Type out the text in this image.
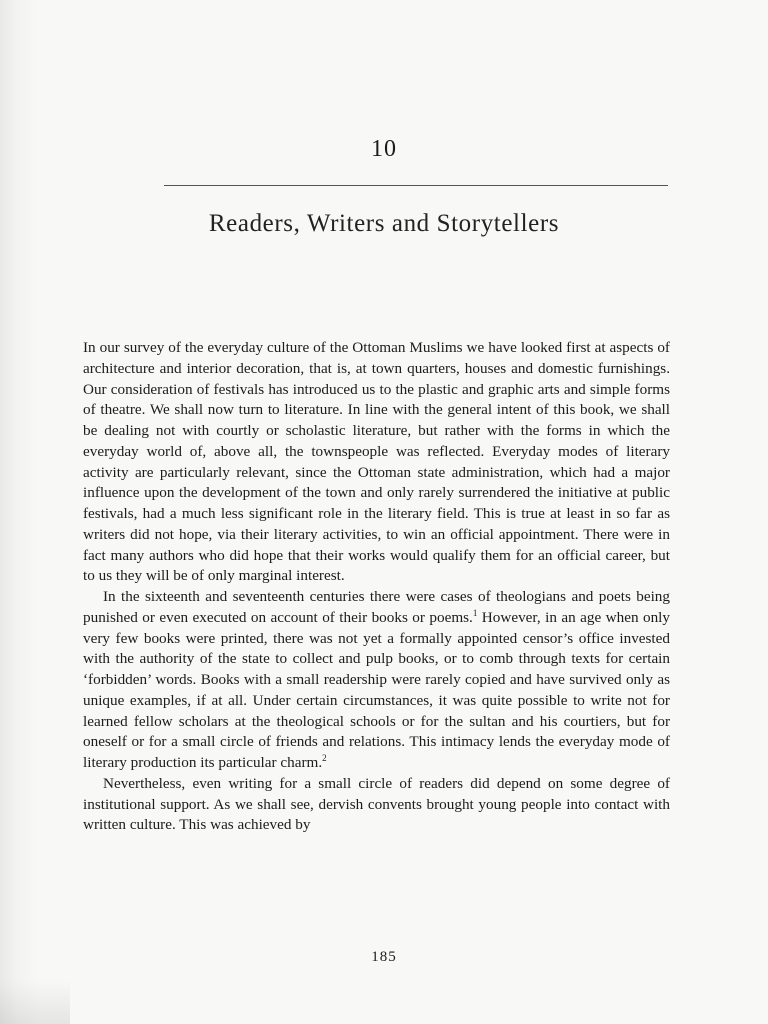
10
Readers, Writers and Storytellers

In our survey of the everyday culture of the Ottoman Muslims we have looked first at aspects of architecture and interior decoration, that is, at town quarters, houses and domestic furnishings. Our consideration of festivals has introduced us to the plastic and graphic arts and simple forms of theatre. We shall now turn to literature. In line with the general intent of this book, we shall be dealing not with courtly or scholastic literature, but rather with the forms in which the everyday world of, above all, the townspeople was reflected. Everyday modes of literary activity are particularly relevant, since the Ottoman state administration, which had a major influence upon the development of the town and only rarely surrendered the initiative at public festivals, had a much less significant role in the literary field. This is true at least in so far as writers did not hope, via their literary activities, to win an official appointment. There were in fact many authors who did hope that their works would qualify them for an official career, but to us they will be of only marginal interest.

In the sixteenth and seventeenth centuries there were cases of theologians and poets being punished or even executed on account of their books or poems.$^1$ However, in an age when only very few books were printed, there was not yet a formally appointed censor’s office invested with the authority of the state to collect and pulp books, or to comb through texts for certain ‘forbidden’ words. Books with a small readership were rarely copied and have survived only as unique examples, if at all. Under certain circumstances, it was quite possible to write not for learned fellow scholars at the theological schools or for the sultan and his courtiers, but for oneself or for a small circle of friends and relations. This intimacy lends the everyday mode of literary production its particular charm.$^2$

Nevertheless, even writing for a small circle of readers did depend on some degree of institutional support. As we shall see, dervish convents brought young people into contact with written culture. This was achieved by

185
